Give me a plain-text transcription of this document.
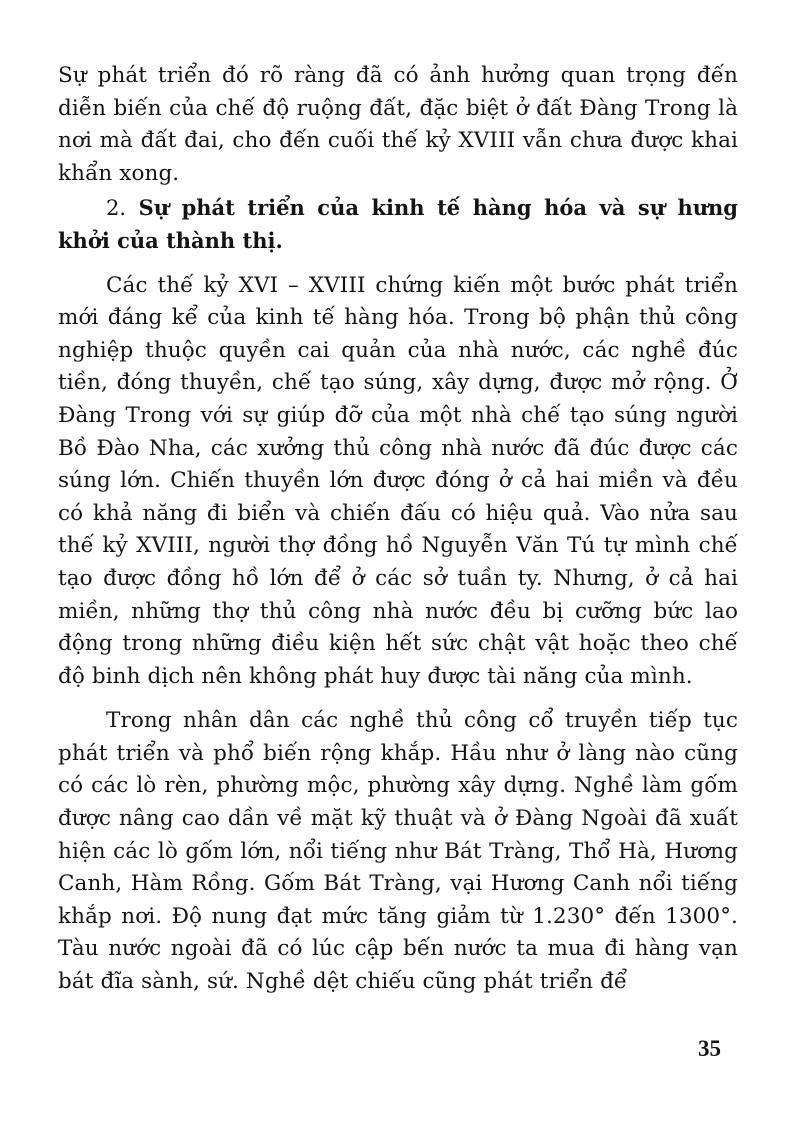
Sự phát triển đó rõ ràng đã có ảnh hưởng quan trọng đến diễn biến của chế độ ruộng đất, đặc biệt ở đất Đàng Trong là nơi mà đất đai, cho đến cuối thế kỷ XVIII vẫn chưa được khai khẩn xong.

2. Sự phát triển của kinh tế hàng hóa và sự hưng khởi của thành thị.

Các thế kỷ XVI – XVIII chứng kiến một bước phát triển mới đáng kể của kinh tế hàng hóa. Trong bộ phận thủ công nghiệp thuộc quyền cai quản của nhà nước, các nghề đúc tiền, đóng thuyền, chế tạo súng, xây dựng, được mở rộng. Ở Đàng Trong với sự giúp đỡ của một nhà chế tạo súng người Bồ Đào Nha, các xưởng thủ công nhà nước đã đúc được các súng lớn. Chiến thuyền lớn được đóng ở cả hai miền và đều có khả năng đi biển và chiến đấu có hiệu quả. Vào nửa sau thế kỷ XVIII, người thợ đồng hồ Nguyễn Văn Tú tự mình chế tạo được đồng hồ lớn để ở các sở tuần ty. Nhưng, ở cả hai miền, những thợ thủ công nhà nước đều bị cưỡng bức lao động trong những điều kiện hết sức chật vật hoặc theo chế độ binh dịch nên không phát huy được tài năng của mình.

Trong nhân dân các nghề thủ công cổ truyền tiếp tục phát triển và phổ biến rộng khắp. Hầu như ở làng nào cũng có các lò rèn, phường mộc, phường xây dựng. Nghề làm gốm được nâng cao dần về mặt kỹ thuật và ở Đàng Ngoài đã xuất hiện các lò gốm lớn, nổi tiếng như Bát Tràng, Thổ Hà, Hương Canh, Hàm Rồng. Gốm Bát Tràng, vại Hương Canh nổi tiếng khắp nơi. Độ nung đạt mức tăng giảm từ 1.230° đến 1300°. Tàu nước ngoài đã có lúc cập bến nước ta mua đi hàng vạn bát đĩa sành, sứ. Nghề dệt chiếu cũng phát triển để

35
